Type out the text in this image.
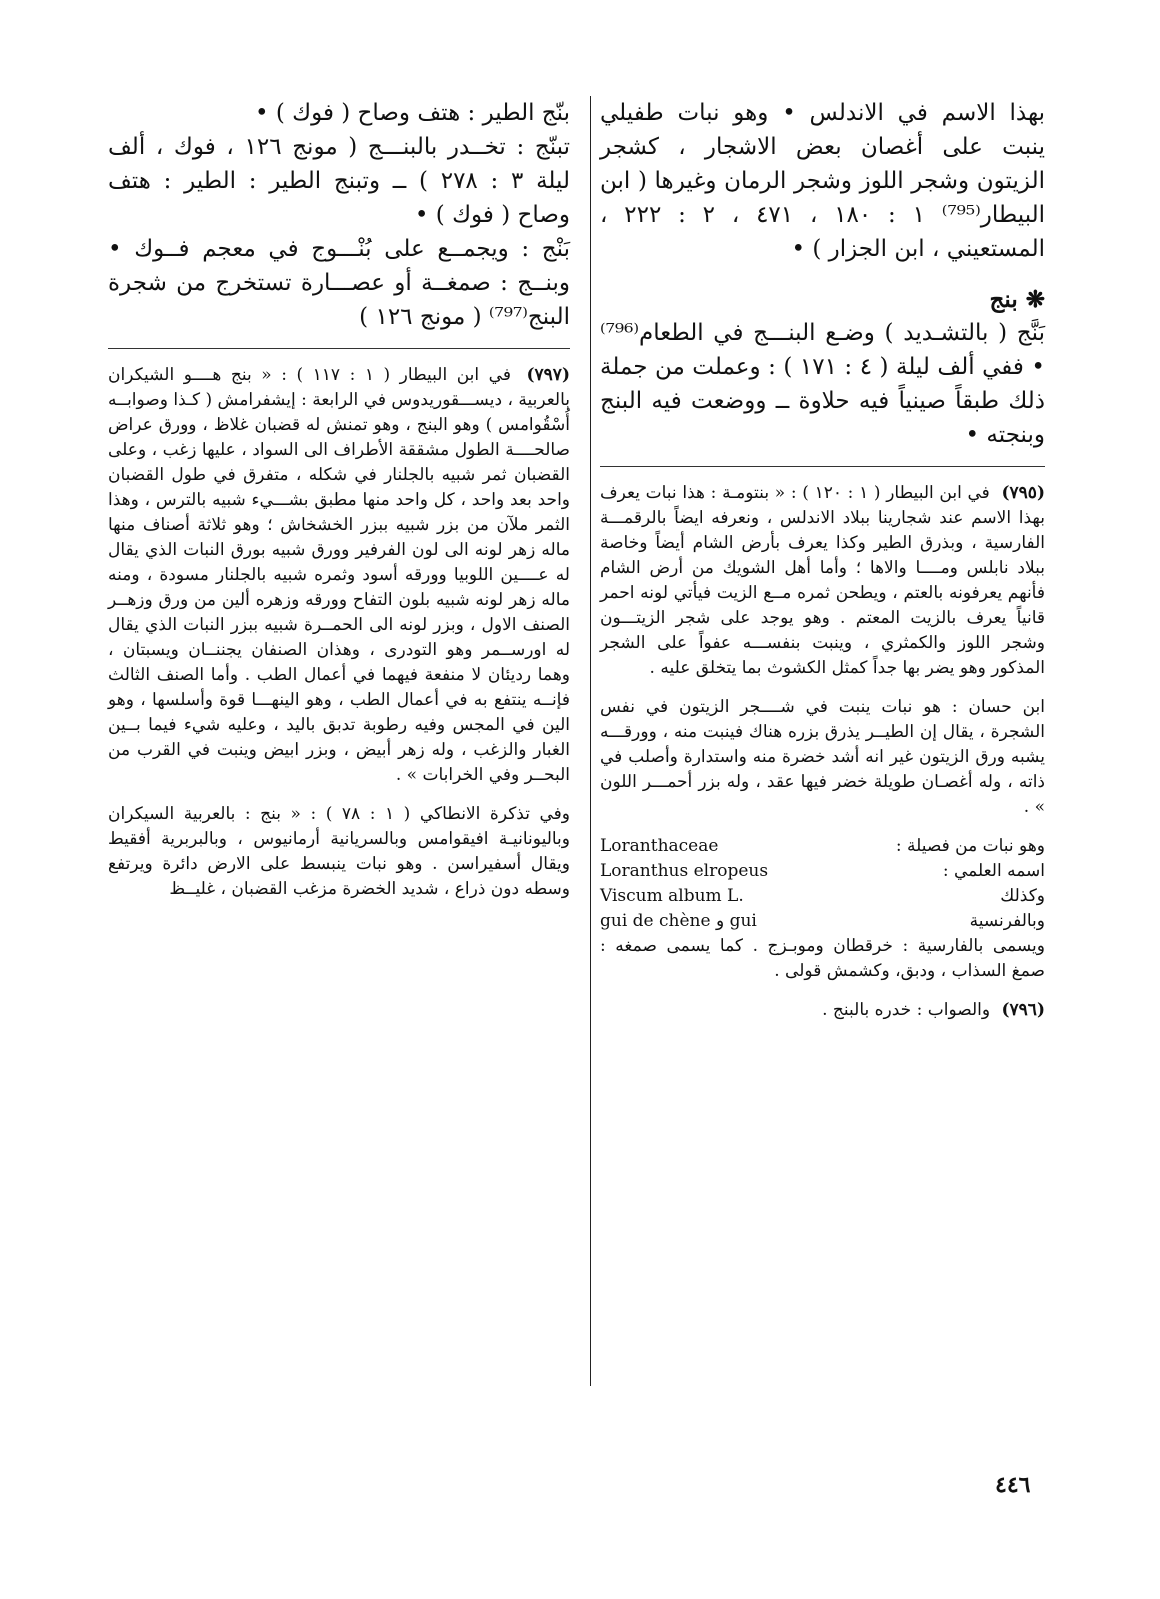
بهذا الاسم في الاندلس • وهو نبات طفيلي ينبت على أغصان بعض الاشجار ، كشجر الزيتون وشجر اللوز وشجر الرمان وغيرها ( ابن البيطار⁽⁷⁹⁵⁾ ١ : ١٨٠ ، ٤٧١ ، ٢ : ٢٢٢ ، المستعيني ، ابن الجزار ) •

❋ بنج

بَنَّج ( بالتشـديد ) وضـع البنـــج في الطعام⁽⁷⁹⁶⁾ • ففي ألف ليلة ( ٤ : ١٧١ ) : وعملت من جملة ذلك طبقاً صينياً فيه حلاوة ــ ووضعت فيه البنج وبنجته •

(٧٩٥) في ابن البيطار ( ١ : ١٢٠ ) : « بنتومـة : هذا نبات يعرف بهذا الاسم عند شجارينا ببلاد الاندلس ، ونعرفه ايضاً بالرقمـــة الفارسية ، وبذرق الطير وكذا يعرف بأرض الشام أيضاً وخاصة ببلاد نابلس ومــــا والاها ؛ وأما أهل الشويك من أرض الشام فأنهم يعرفونه بالعتم ، ويطحن ثمره مــع الزيت فيأتي لونه احمر قانياً يعرف بالزيت المعتم . وهو يوجد على شجر الزيتـــون وشجر اللوز والكمثري ، وينبت بنفســـه عفواً على الشجر المذكور وهو يضر بها جداً كمثل الكشوث بما يتخلق عليه .

ابن حسان : هو نبات ينبت في شــــجر الزيتون في نفس الشجرة ، يقال إن الطيــر يذرق بزره هناك فينبت منه ، وورقـــه يشبه ورق الزيتون غير انه أشد خضرة منه واستدارة وأصلب في ذاته ، وله أغصـان طويلة خضر فيها عقد ، وله بزر أحمـــر اللون » .

وهو نبات من فصيلة :
Loranthaceae
اسمه العلمي :
Loranthus elropeus
وكذلك
Viscum album L.
وبالفرنسية
gui de chène و gui

ويسمى بالفارسية : خرقطان وموبـزج . كما يسمى صمغه : صمغ السذاب ، ودبق، وكشمش قولى .

(٧٩٦) والصواب : خدره بالبنج .

بنّج الطير : هتف وصاح ( فوك ) •

تبنّج : تخــدر بالبنـــج ( مونج ١٢٦ ، فوك ، ألف ليلة ٣ : ٢٧٨ ) ــ وتبنج الطير : الطير : هتف وصاح ( فوك ) •

بَنْج : ويجمــع على بُنْـــوج في معجم فــوك • وبنــج : صمغــة أو عصـــارة تستخرج من شجرة البنج⁽⁷⁹⁷⁾ ( مونج ١٢٦ )

(٧٩٧) في ابن البيطار ( ١ : ١١٧ ) : « بنج هــــو الشيكران بالعربية ، ديســـقوريدوس في الرابعة : إيشفرامش ( كـذا وصوابــه أُسْقُوامس ) وهو البنج ، وهو تمنش له قضبان غلاظ ، وورق عراض صالحــــة الطول مشققة الأطراف الى السواد ، عليها زغب ، وعلى القضبان ثمر شبيه بالجلنار في شكله ، متفرق في طول القضبان واحد بعد واحد ، كل واحد منها مطبق بشـــيء شبيه بالترس ، وهذا الثمر ملآن من بزر شبيه ببزر الخشخاش ؛ وهو ثلاثة أصناف منها ماله زهر لونه الى لون الفرفير وورق شبيه بورق النبات الذي يقال له عــــين اللوبيا وورقه أسود وثمره شبيه بالجلنار مسودة ، ومنه ماله زهر لونه شبيه بلون التفاح وورقه وزهره ألين من ورق وزهــر الصنف الاول ، وبزر لونه الى الحمــرة شبيه ببزر النبات الذي يقال له اورســمر وهو التودرى ، وهذان الصنفان يجننــان ويسبتان ، وهما رديئان لا منفعة فيهما في أعمال الطب . وأما الصنف الثالث فإنــه ينتفع به في أعمال الطب ، وهو الينهـــا قوة وأسلسها ، وهو الين في المجس وفيه رطوبة تدبق باليد ، وعليه شيء فيما بــين الغبار والزغب ، وله زهر أبيض ، وبزر ابيض وينبت في القرب من البحــر وفي الخرابات » .

وفي تذكرة الانطاكي ( ١ : ٧٨ ) : « بنج : بالعربية السيكران وباليونانيـة افيقوامس وبالسريانية أرمانيوس ، وبالبربرية أفقيط ويقال أسفيراسن . وهو نبات ينبسط على الارض دائرة ويرتفع وسطه دون ذراع ، شديد الخضرة مزغب القضبان ، غليــظ

٤٤٦
